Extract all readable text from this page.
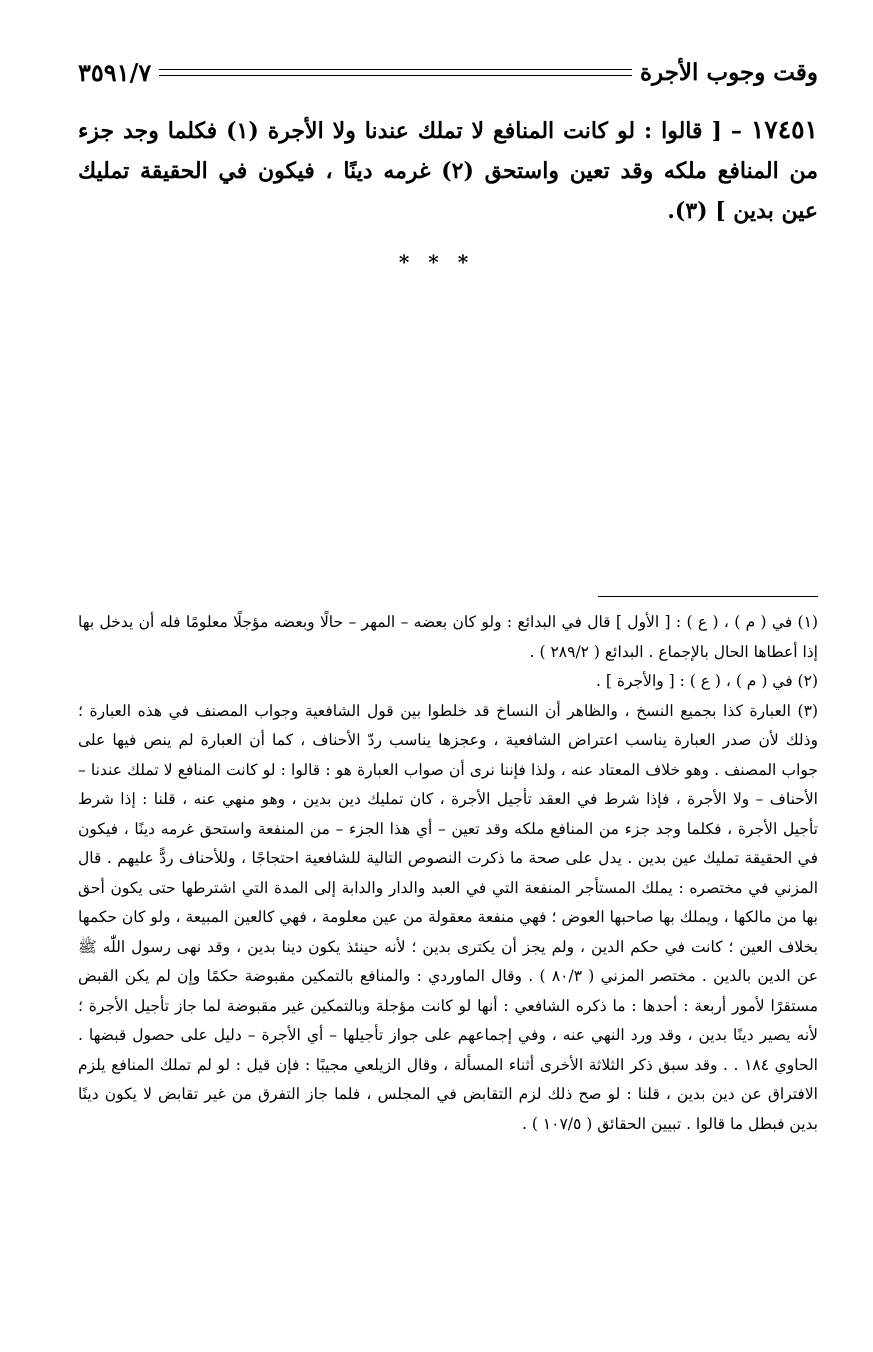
وقت وجوب الأجرة
٣٥٩١/٧
١٧٤٥١ – [ قالوا : لو كانت المنافع لا تملك عندنا ولا الأجرة (١) فكلما وجد جزء من المنافع ملكه وقد تعين واستحق (٢) غرمه دينًا ، فيكون في الحقيقة تمليك عين بدين ] (٣).
* * *

(١) في ( م ) ، ( ع ) : [ الأول ] قال في البدائع : ولو كان بعضه – المهر – حالًا وبعضه مؤجلًا معلومًا فله أن يدخل بها إذا أعطاها الحال بالإجماع . البدائع ( ٢٨٩/٢ ) .

(٢) في ( م ) ، ( ع ) : [ والأجرة ] .

(٣) العبارة كذا بجميع النسخ ، والظاهر أن النساخ قد خلطوا بين قول الشافعية وجواب المصنف في هذه العبارة ؛ وذلك لأن صدر العبارة يناسب اعتراض الشافعية ، وعجزها يناسب ردّ الأحناف ، كما أن العبارة لم ينص فيها على جواب المصنف . وهو خلاف المعتاد عنه ، ولذا فإننا نرى أن صواب العبارة هو : قالوا : لو كانت المنافع لا تملك عندنا – الأحناف – ولا الأجرة ، فإذا شرط في العقد تأجيل الأجرة ، كان تمليك دين بدين ، وهو منهي عنه ، قلنا : إذا شرط تأجيل الأجرة ، فكلما وجد جزء من المنافع ملكه وقد تعين – أي هذا الجزء – من المنفعة واستحق غرمه دينًا ، فيكون في الحقيقة تمليك عين بدين . يدل على صحة ما ذكرت النصوص التالية للشافعية احتجاجًا ، وللأحناف ردًّ عليهم . قال المزني في مختصره : يملك المستأجر المنفعة التي في العبد والدار والدابة إلى المدة التي اشترطها حتى يكون أحق بها من مالكها ، ويملك بها صاحبها العوض ؛ فهي منفعة معقولة من عين معلومة ، فهي كالعين المبيعة ، ولو كان حكمها بخلاف العين ؛ كانت في حكم الدين ، ولم يجز أن يكترى بدين ؛ لأنه حينئذ يكون دينا بدين ، وقد نهى رسول اللّٰه ﷺ عن الدين بالدين . مختصر المزني ( ٨٠/٣ ) . وقال الماوردي : والمنافع بالتمكين مقبوضة حكمًا وإن لم يكن القبض مستقرًا لأمور أربعة : أحدها : ما ذكره الشافعي : أنها لو كانت مؤجلة وبالتمكين غير مقبوضة لما جاز تأجيل الأجرة ؛ لأنه يصير دينًا بدين ، وقد ورد النهي عنه ، وفي إجماعهم على جواز تأجيلها – أي الأجرة – دليل على حصول قبضها . الحاوي ١٨٤ . . وقد سبق ذكر الثلاثة الأخرى أثناء المسألة ، وقال الزيلعي مجيبًا : فإن قيل : لو لم تملك المنافع يلزم الافتراق عن دين بدين ، قلنا : لو صح ذلك لزم التقابض في المجلس ، فلما جاز التفرق من غير تقابض لا يكون دينًا بدين فبطل ما قالوا . تبيين الحقائق ( ١٠٧/٥ ) .
